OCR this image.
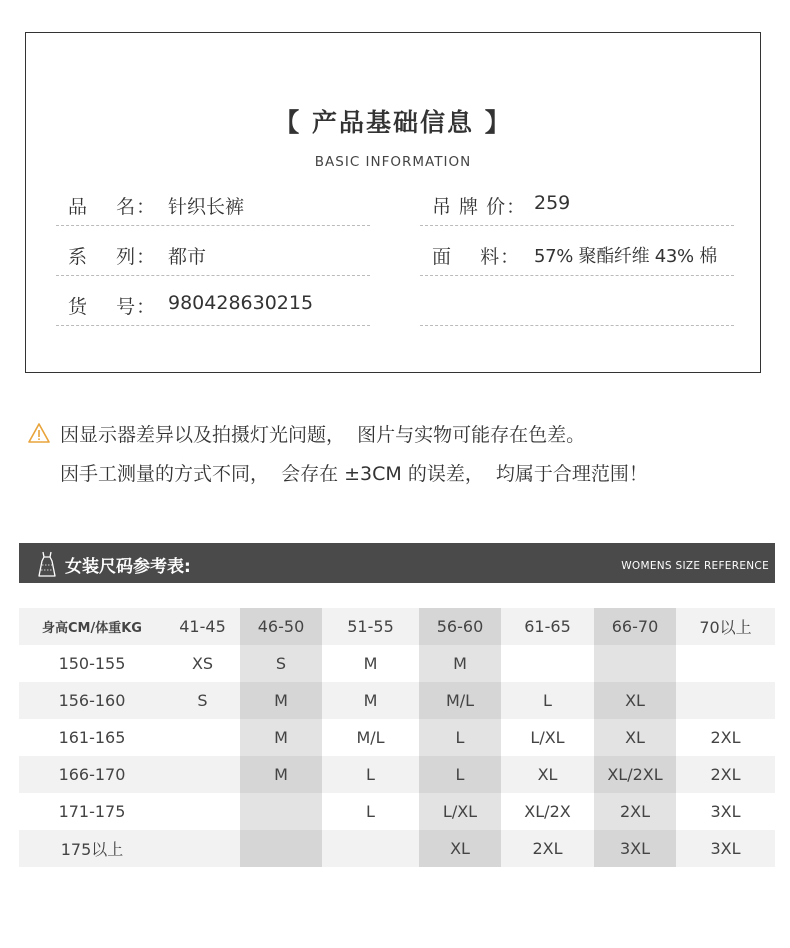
【 产品基础信息 】
BASIC INFORMATION
品    名： 针织长裤	吊 牌 价： 259
系    列： 都市	面    料： 57% 聚酯纤维 43% 棉
货    号： 980428630215
因显示器差异以及拍摄灯光问题，  图片与实物可能存在色差。
因手工测量的方式不同，  会存在 ±3CM 的误差，  均属于合理范围！
女装尺码参考表:	WOMENS SIZE REFERENCE
身高CM/体重KG	41-45	46-50	51-55	56-60	61-65	66-70	70以上
150-155	XS	S	M	M			
156-160	S	M	M	M/L	L	XL	
161-165		M	M/L	L	L/XL	XL	2XL
166-170		M	L	L	XL	XL/2XL	2XL
171-175			L	L/XL	XL/2X	2XL	3XL
175以上				XL	2XL	3XL	3XL
